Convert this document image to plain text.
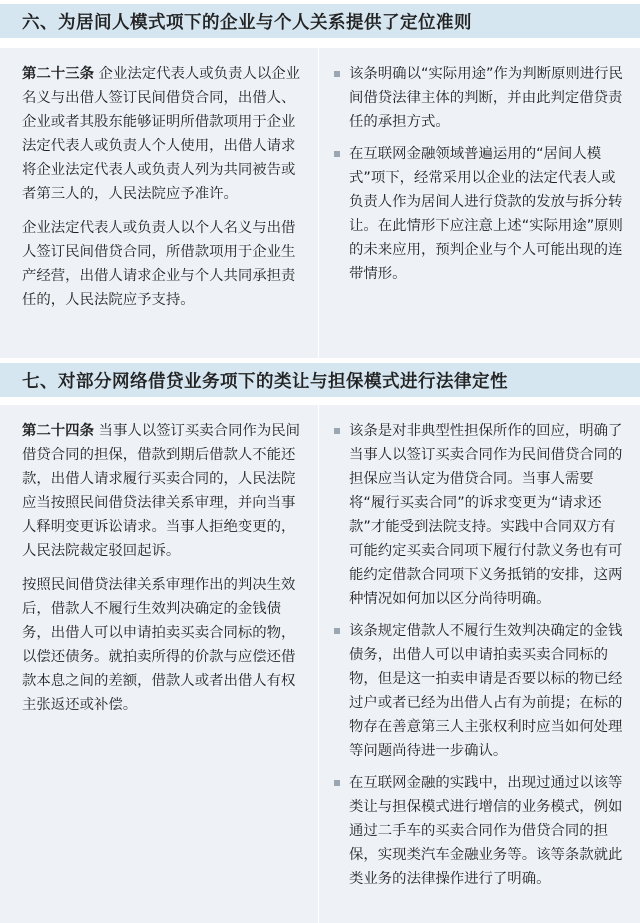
六、为居间人模式项下的企业与个人关系提供了定位准则

第二十三条 企业法定代表人或负责人以企业名义与出借人签订民间借贷合同，出借人、企业或者其股东能够证明所借款项用于企业法定代表人或负责人个人使用，出借人请求将企业法定代表人或负责人列为共同被告或者第三人的，人民法院应予准许。

企业法定代表人或负责人以个人名义与出借人签订民间借贷合同，所借款项用于企业生产经营，出借人请求企业与个人共同承担责任的，人民法院应予支持。

该条明确以“实际用途”作为判断原则进行民间借贷法律主体的判断，并由此判定借贷责任的承担方式。
在互联网金融领域普遍运用的“居间人模式”项下，经常采用以企业的法定代表人或负责人作为居间人进行贷款的发放与拆分转让。在此情形下应注意上述“实际用途”原则的未来应用，预判企业与个人可能出现的连带情形。
七、对部分网络借贷业务项下的类让与担保模式进行法律定性

第二十四条 当事人以签订买卖合同作为民间借贷合同的担保，借款到期后借款人不能还款，出借人请求履行买卖合同的，人民法院应当按照民间借贷法律关系审理，并向当事人释明变更诉讼请求。当事人拒绝变更的，人民法院裁定驳回起诉。

按照民间借贷法律关系审理作出的判决生效后，借款人不履行生效判决确定的金钱债务，出借人可以申请拍卖买卖合同标的物，以偿还债务。就拍卖所得的价款与应偿还借款本息之间的差额，借款人或者出借人有权主张返还或补偿。

该条是对非典型性担保所作的回应，明确了当事人以签订买卖合同作为民间借贷合同的担保应当认定为借贷合同。当事人需要将“履行买卖合同”的诉求变更为“请求还款”才能受到法院支持。实践中合同双方有可能约定买卖合同项下履行付款义务也有可能约定借款合同项下义务抵销的安排，这两种情况如何加以区分尚待明确。
该条规定借款人不履行生效判决确定的金钱债务，出借人可以申请拍卖买卖合同标的物，但是这一拍卖申请是否要以标的物已经过户或者已经为出借人占有为前提；在标的物存在善意第三人主张权利时应当如何处理等问题尚待进一步确认。
在互联网金融的实践中，出现过通过以该等类让与担保模式进行增信的业务模式，例如通过二手车的买卖合同作为借贷合同的担保，实现类汽车金融业务等。该等条款就此类业务的法律操作进行了明确。
